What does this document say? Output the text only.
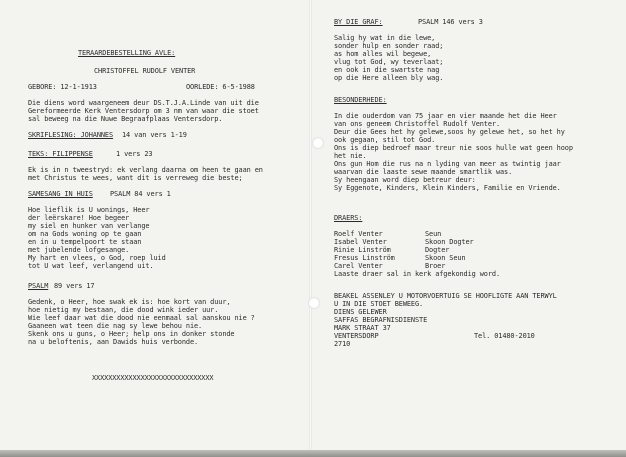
TERAARDEBESTELLING AVLE:
CHRISTOFFEL RUDOLF VENTER
GEBORE: 12-1-1913	OORLEDE: 6-5-1988
Die diens word waargeneem deur DS.T.J.A.Linde van uit die
Gereformeerde Kerk Ventersdorp om 3 nm van waar die stoet
sal beweeg na die Nuwe Begraafplaas Ventersdorp.
SKRIFLESING: JOHANNES 14 van vers 1-19
TEKS: FILIPPENSE	1 vers 23
Ek is in n tweestryd: ek verlang daarna om heen te gaan en
met Christus te wees, want dit is verreweg die beste;
SAMESANG IN HUIS PSALM 84 vers 1
Hoe lieflik is U wonings, Heer
der leërskare! Hoe begeer
my siel en hunker van verlange
om na Gods woning op te gaan
en in u tempelpoort te staan
met jubelende lofgesange.
My hart en vlees, o God, roep luid
tot U wat leef, verlangend uit.
PSALM 89 vers 17
Gedenk, o Heer, hoe swak ek is: hoe kort van duur,
hoe nietig my bestaan, die dood wink ieder uur.
Wie leef daar wat die dood nie eenmaal sal aanskou nie ?
Gaaneen wat teen die nag sy lewe behou nie.
Skenk ons u guns, o Heer; help ons in donker stonde
na u beloftenis, aan Dawids huis verbonde.
XXXXXXXXXXXXXXXXXXXXXXXXXXXXXX
BY DIE GRAF:	PSALM 146 vers 3
Salig hy wat in die lewe,
sonder hulp en sonder raad;
as hom alles wil begewe,
vlug tot God, wy teverlaat;
en ook in die swartste nag
op die Here alleen bly wag.
BESONDERHEDE:
In die ouderdom van 75 jaar en vier maande het die Heer
van ons geneem Christoffel Rudolf Venter.
Deur die Gees het hy gelewe,soos hy gelewe het, so het hy
ook gegaan, stil tot God.
Ons is diep bedroef maar treur nie soos hulle wat geen hoop
het nie.
Ons gun Hom die rus na n lyding van meer as twintig jaar
waarvan die laaste sewe maande smartlik was.
Sy heengaan word diep betreur deur:
Sy Eggenote, Kinders, Klein Kinders, Familie en Vriende.
DRAERS:
Roelf Venter	Seun
Isabel Venter	Skoon Dogter
Rinie Linström	Dogter
Fresus Linström	Skoon Seun
Carel Venter	Broer
Laaste draer sal in kerk afgekondig word.
BEAKEL ASSENLEY U MOTORVOERTUIG SE HOOFLIGTE AAN TERWYL
U IN DIE STOET BEWEEG.
DIENS GELEWER
SAFFAS BEGRAFNISDIENSTE
MARK STRAAT 37
VENTERSDORP	Tel. 01480-2010
2710
